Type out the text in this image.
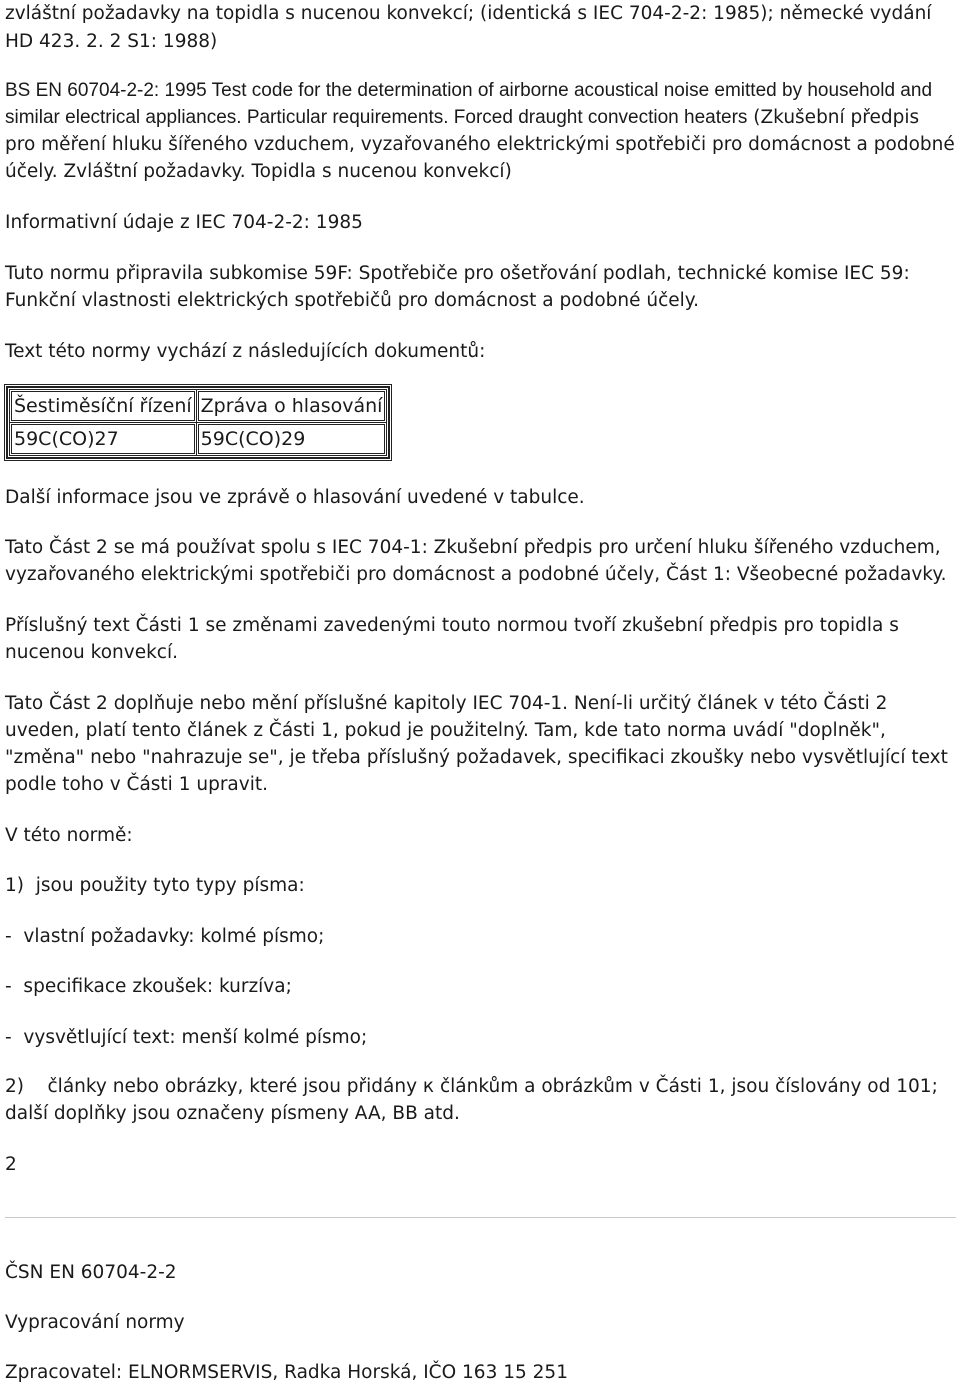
zvláštní požadavky na topidla s nucenou konvekcí; (identická s IEC 704-2-2: 1985); německé vydání

HD 423. 2. 2 S1: 1988)

BS EN 60704-2-2: 1995 Test code for the determination of airborne acoustical noise emitted by household and similar electrical appliances. Particular requirements. Forced draught convection heaters (Zkušební předpis pro měření hluku šířeného vzduchem, vyzařovaného elektrickými spotřebiči pro domácnost a podobné účely. Zvláštní požadavky. Topidla s nucenou konvekcí)

Informativní údaje z IEC 704-2-2: 1985

Tuto normu připravila subkomise 59F: Spotřebiče pro ošetřování podlah, technické komise IEC 59: Funkční vlastnosti elektrických spotřebičů pro domácnost a podobné účely.

Text této normy vychází z následujících dokumentů:

Šestiměsíční řízení	Zpráva o hlasování
59C(CO)27	59C(CO)29

Další informace jsou ve zprávě o hlasování uvedené v tabulce.

Tato Část 2 se má používat spolu s IEC 704-1: Zkušební předpis pro určení hluku šířeného vzduchem, vyzařovaného elektrickými spotřebiči pro domácnost a podobné účely, Část 1: Všeobecné požadavky.

Příslušný text Části 1 se změnami zavedenými touto normou tvoří zkušební předpis pro topidla s nucenou konvekcí.

Tato Část 2 doplňuje nebo mění příslušné kapitoly IEC 704-1. Není-li určitý článek v této Části 2 uveden, platí tento článek z Části 1, pokud je použitelný. Tam, kde tato norma uvádí "doplněk", "změna" nebo "nahrazuje se", je třeba příslušný požadavek, specifikaci zkoušky nebo vysvětlující text podle toho v Části 1 upravit.

V této normě:

1)  jsou použity tyto typy písma:

-  vlastní požadavky: kolmé písmo;

-  specifikace zkoušek: kurzíva;

-  vysvětlující text: menší kolmé písmo;

2)    články nebo obrázky, které jsou přidány к článkům a obrázkům v Části 1, jsou číslovány od 101; další doplňky jsou označeny písmeny AA, BB atd.

2

ČSN EN 60704-2-2

Vypracování normy

Zpracovatel: ELNORMSERVIS, Radka Horská, IČO 163 15 251
